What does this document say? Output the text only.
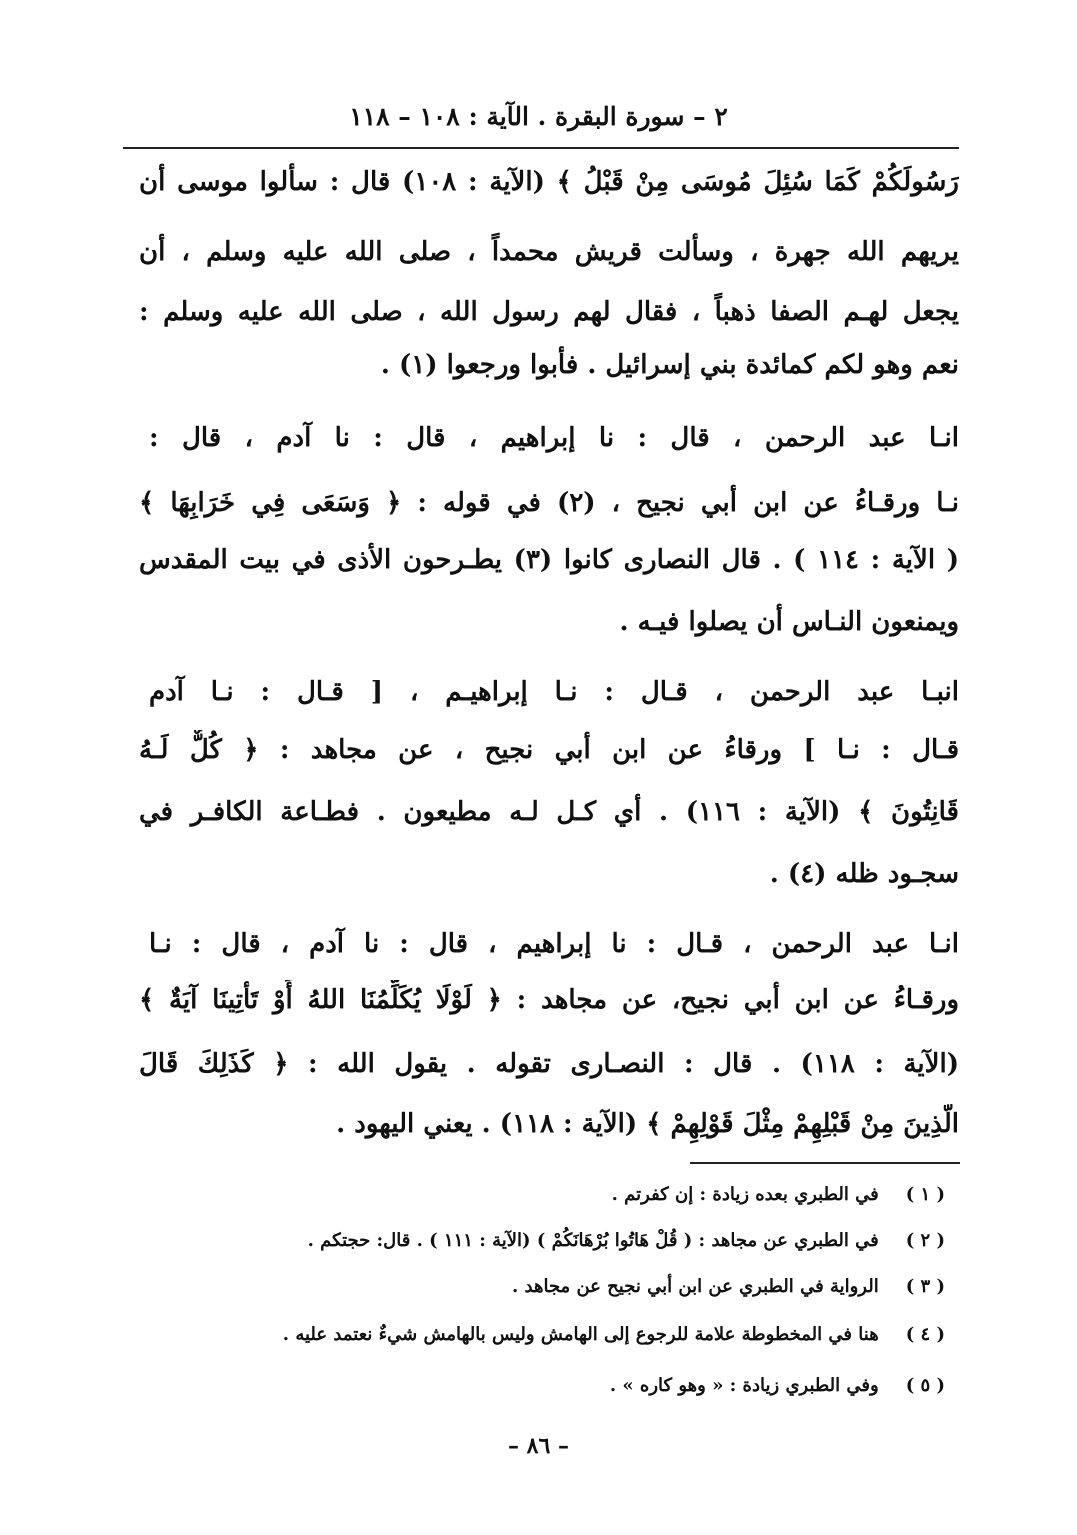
٢ – سورة البقرة . الآية : ١٠٨ – ١١٨
رَسُولَكُمْ كَمَا سُئِلَ مُوسَى مِنْ قَبْلُ ﴾ (الآية : ١٠٨) قال : سألوا موسى أن
يريهم الله جهرة ، وسألت قريش محمداً ، صلى الله عليه وسلم ، أن
يجعل لهـم الصفا ذهباً ، فقال لهم رسول الله ، صلى الله عليه وسلم :
نعم وهو لكم كمائدة بني إسرائيل . فأبوا ورجعوا (١) .
انـا عبد الرحمن ، قال : نا إبراهيم ، قال : نا آدم ، قال :
نـا ورقـاءُ عن ابن أبي نجيح ، (٢) في قوله : ﴿ وَسَعَى فِي خَرَابِهَا ﴾
( الآية : ١١٤ ) . قال النصارى كانوا (٣) يطـرحون الأذى في بيت المقدس
ويمنعون النـاس أن يصلوا فيـه .
انبـا عبد الرحمن ، قـال : نـا إبراهيـم ، [ قـال : نـا آدم
قـال : نـا ] ورقاءُ عن ابن أبي نجيح ، عن مجاهد : ﴿ كُلٌّ لَـهُ
قَانِتُونَ ﴾ (الآية : ١١٦) . أي كـل لـه مطيعون . فطـاعة الكافـر في
سجـود ظله (٤) .
انـا عبد الرحمن ، قـال : نا إبراهيم ، قال : نا آدم ، قال : نـا
ورقـاءُ عن ابن أبي نجيح، عن مجاهد : ﴿ لَوْلَا يُكَلِّمُنَا اللهُ أَوْ تَأْتِينَا آيَةٌ ﴾
(الآية : ١١٨) . قال : النصـارى تقوله . يقول الله : ﴿ كَذَلِكَ قَالَ
الَّذِينَ مِنْ قَبْلِهِمْ مِثْلَ قَوْلِهِمْ ﴾ (الآية : ١١٨) . يعني اليهود .
( ١ ) في الطبري بعده زيادة : إن كفرتم .
( ٢ ) في الطبري عن مجاهد : ( قُلْ هَاتُوا بُرْهَانَكُمْ ) (الآية : ١١١ ) . قال: حجتكم .
( ٣ ) الرواية في الطبري عن ابن أبي نجيح عن مجاهد .
( ٤ ) هنا في المخطوطة علامة للرجوع إلى الهامش وليس بالهامش شيءٌ نعتمد عليه .
( ٥ ) وفي الطبري زيادة : « وهو كاره » .
– ٨٦ –
